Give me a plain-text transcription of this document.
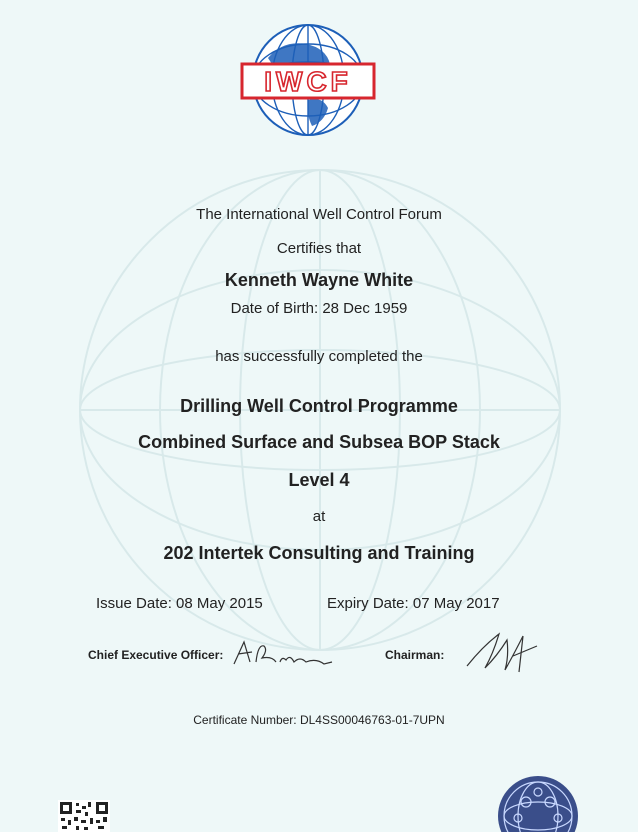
IWCF
The International Well Control Forum
Certifies that
Kenneth Wayne White
Date of Birth: 28 Dec 1959
has successfully completed the
Drilling Well Control Programme
Combined Surface and Subsea BOP Stack
Level 4
at
202 Intertek Consulting and Training
Issue Date: 08 May 2015	Expiry Date: 07 May 2017
Chief Executive Officer:	Chairman:
Certificate Number: DL4SS00046763-01-7UPN
